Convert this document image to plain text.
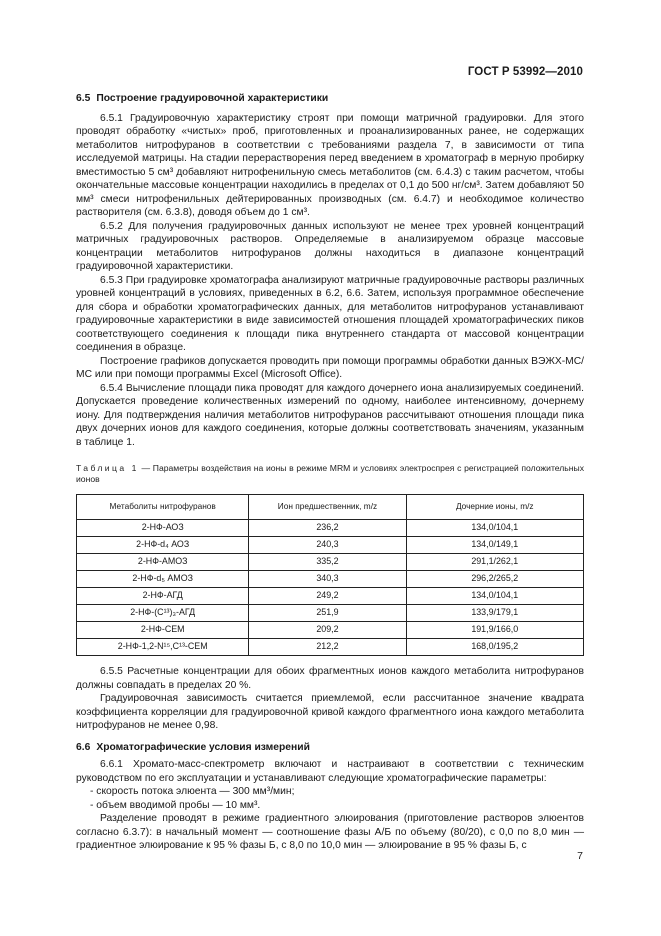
ГОСТ Р 53992—2010
6.5 Построение градуировочной характеристики

6.5.1 Градуировочную характеристику строят при помощи матричной градуировки. Для этого проводят обработку «чистых» проб, приготовленных и проанализированных ранее, не содержащих метаболитов нитрофуранов в соответствии с требованиями раздела 7, в зависимости от типа исследуемой матрицы. На стадии перерастворения перед введением в хроматограф в мерную пробирку вместимостью 5 см³ добавляют нитрофенильную смесь метаболитов (см. 6.4.3) с таким расчетом, чтобы окончательные массовые концентрации находились в пределах от 0,1 до 500 нг/см³. Затем добавляют 50 мм³ смеси нитрофенильных дейтерированных производных (см. 6.4.7) и необходимое количество растворителя (см. 6.3.8), доводя объем до 1 см³.

6.5.2 Для получения градуировочных данных используют не менее трех уровней концентраций матричных градуировочных растворов. Определяемые в анализируемом образце массовые концентрации метаболитов нитрофуранов должны находиться в диапазоне концентраций градуировочной характеристики.

6.5.3 При градуировке хроматографа анализируют матричные градуировочные растворы различных уровней концентраций в условиях, приведенных в 6.2, 6.6. Затем, используя программное обеспечение для сбора и обработки хроматографических данных, для метаболитов нитрофуранов устанавливают градуировочные характеристики в виде зависимостей отношения площадей хроматографических пиков соответствующего соединения к площади пика внутреннего стандарта от массовой концентрации соединения в образце.

Построение графиков допускается проводить при помощи программы обработки данных ВЭЖХ-МС/МС или при помощи программы Excel (Microsoft Office).

6.5.4 Вычисление площади пика проводят для каждого дочернего иона анализируемых соединений. Допускается проведение количественных измерений по одному, наиболее интенсивному, дочернему иону. Для подтверждения наличия метаболитов нитрофуранов рассчитывают отношения площади пика двух дочерних ионов для каждого соединения, которые должны соответствовать значениям, указанным в таблице 1.

Таблица 1 — Параметры воздействия на ионы в режиме MRM и условиях электроспрея с регистрацией положительных ионов

Метаболиты нитрофуранов	Ион предшественник, m/z	Дочерние ионы, m/z
2-НФ-АОЗ	236,2	134,0/104,1
2-НФ-d₄ АОЗ	240,3	134,0/149,1
2-НФ-АМОЗ	335,2	291,1/262,1
2-НФ-d₅ АМОЗ	340,3	296,2/265,2
2-НФ-АГД	249,2	134,0/104,1
2-НФ-(C¹³)₃-АГД	251,9	133,9/179,1
2-НФ-СЕМ	209,2	191,9/166,0
2-НФ-1,2-N¹⁵,C¹³-СЕМ	212,2	168,0/195,2

6.5.5 Расчетные концентрации для обоих фрагментных ионов каждого метаболита нитрофуранов должны совпадать в пределах 20 %.

Градуировочная зависимость считается приемлемой, если рассчитанное значение квадрата коэффициента корреляции для градуировочной кривой каждого фрагментного иона каждого метаболита нитрофуранов не менее 0,98.

6.6 Хроматографические условия измерений

6.6.1 Хромато-масс-спектрометр включают и настраивают в соответствии с техническим руководством по его эксплуатации и устанавливают следующие хроматографические параметры:

- скорость потока элюента — 300 мм³/мин;

- объем вводимой пробы — 10 мм³.

Разделение проводят в режиме градиентного элюирования (приготовление растворов элюентов согласно 6.3.7): в начальный момент — соотношение фазы А/Б по объему (80/20), с 0,0 по 8,0 мин — градиентное элюирование к 95 % фазы Б, с 8,0 по 10,0 мин — элюирование в 95 % фазы Б, с

7
